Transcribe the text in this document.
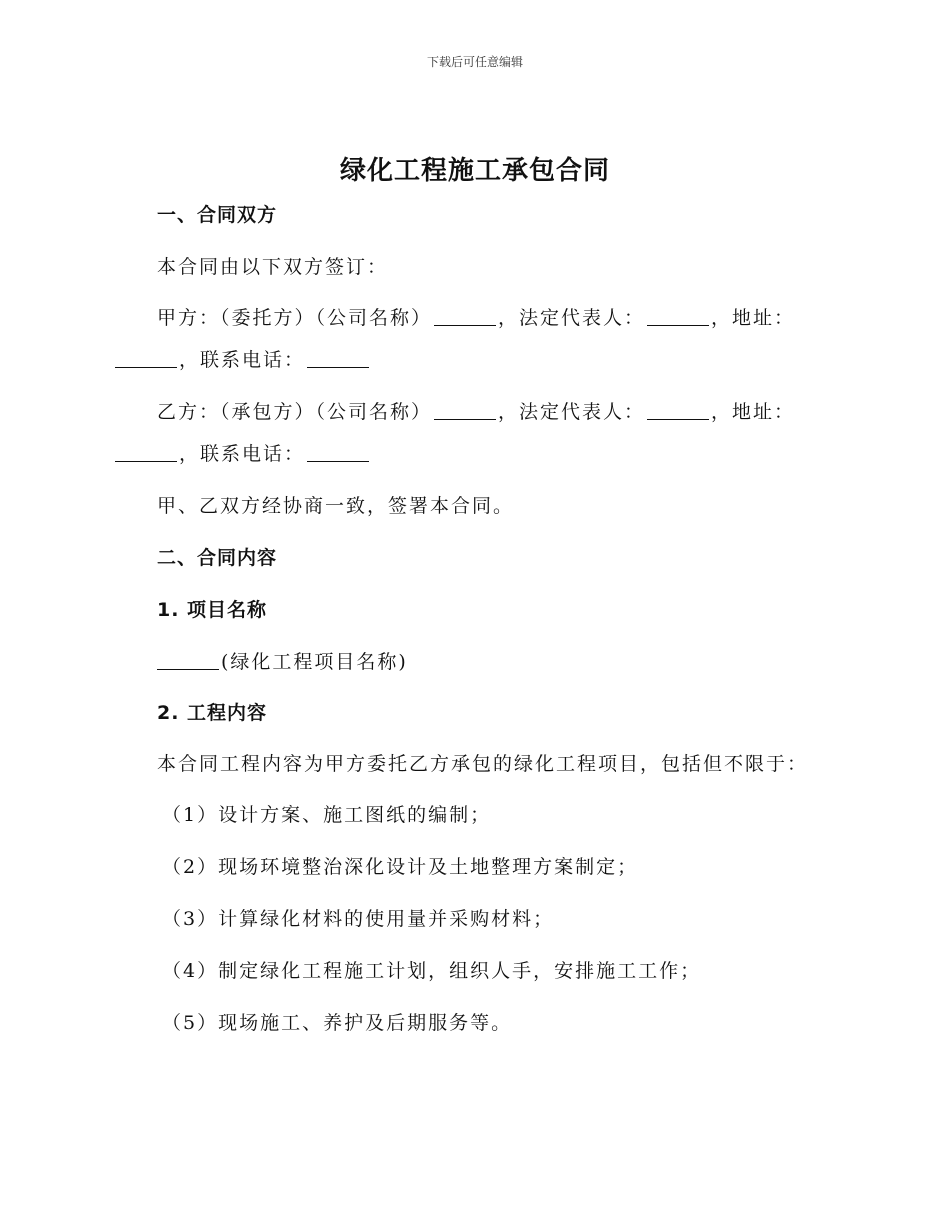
下载后可任意编辑
绿化工程施工承包合同
一、合同双方
本合同由以下双方签订：
甲方：（委托方）（公司名称）	，法定代表人：	，地址：
，联系电话：
乙方：（承包方）（公司名称）	，法定代表人：	，地址：
，联系电话：
甲、乙双方经协商一致，签署本合同。
二、合同内容
1. 项目名称
(绿化工程项目名称)
2. 工程内容
本合同工程内容为甲方委托乙方承包的绿化工程项目，包括但不限于：
（1）设计方案、施工图纸的编制；
（2）现场环境整治深化设计及土地整理方案制定；
（3）计算绿化材料的使用量并采购材料；
（4）制定绿化工程施工计划，组织人手，安排施工工作；
（5）现场施工、养护及后期服务等。
